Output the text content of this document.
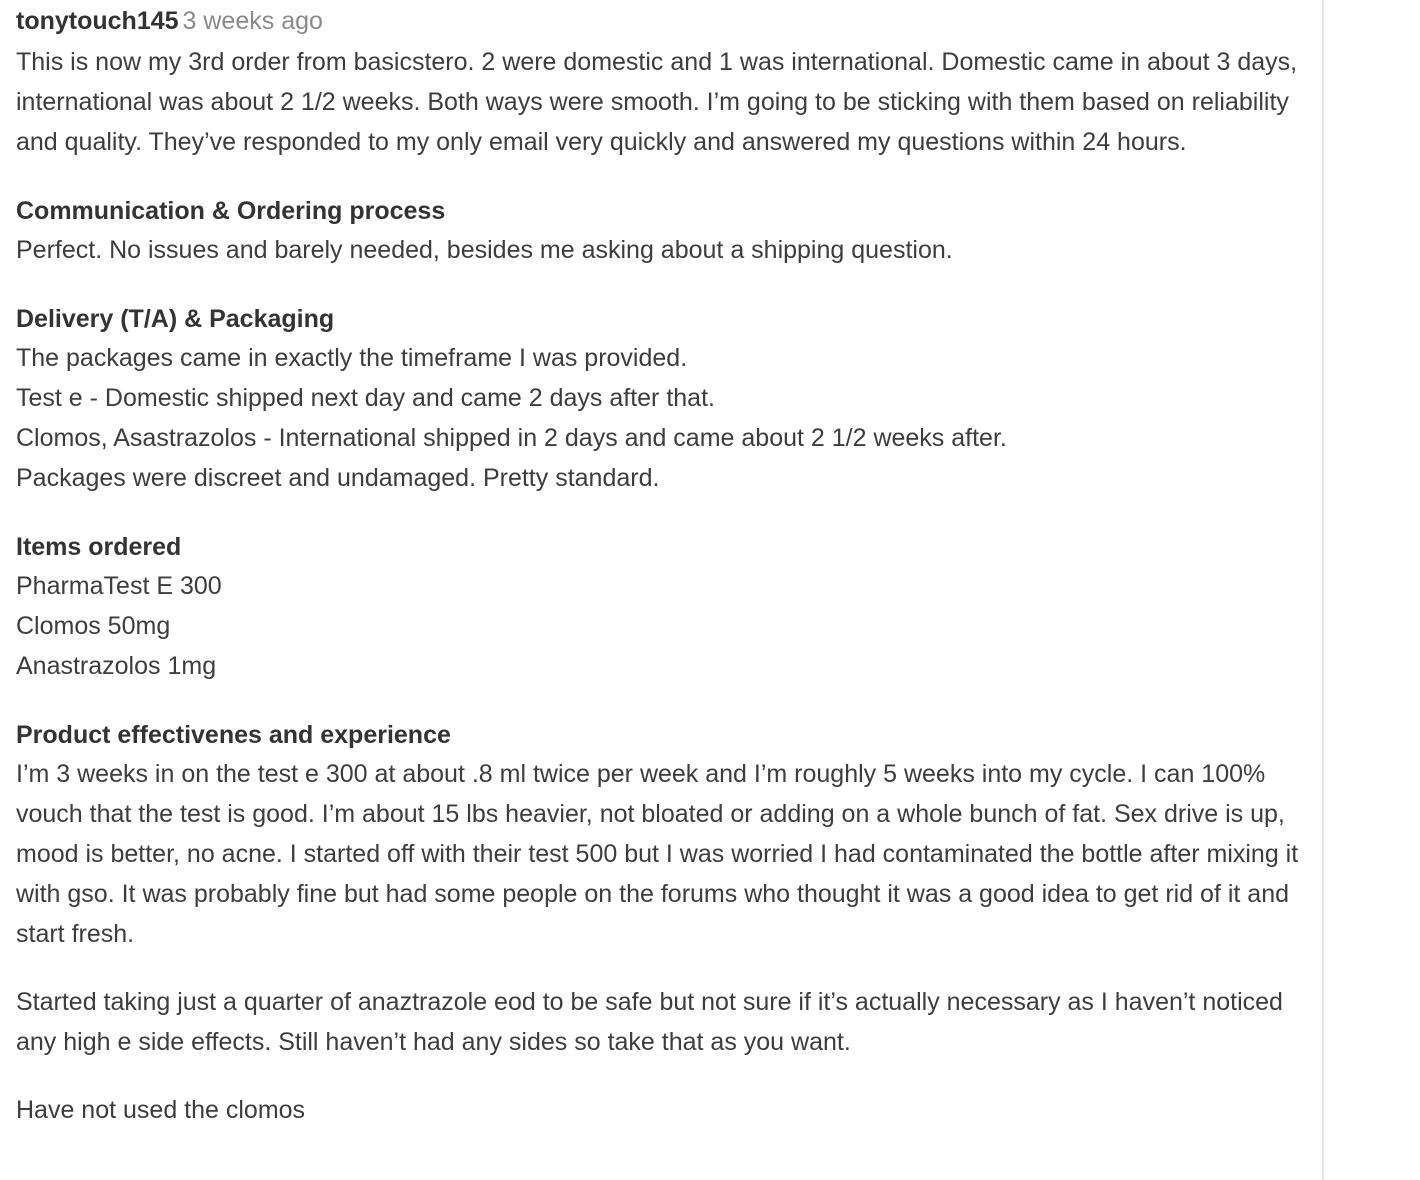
tonytouch145 3 weeks ago

This is now my 3rd order from basicstero. 2 were domestic and 1 was international. Domestic came in about 3 days, international was about 2 1/2 weeks. Both ways were smooth. I’m going to be sticking with them based on reliability and quality. They’ve responded to my only email very quickly and answered my questions within 24 hours.

Communication & Ordering process
Perfect. No issues and barely needed, besides me asking about a shipping question.
Delivery (T/A) & Packaging
The packages came in exactly the timeframe I was provided.
Test e - Domestic shipped next day and came 2 days after that.
Clomos, Asastrazolos - International shipped in 2 days and came about 2 1/2 weeks after.
Packages were discreet and undamaged. Pretty standard.
Items ordered
PharmaTest E 300
Clomos 50mg
Anastrazolos 1mg
Product effectivenes and experience

I’m 3 weeks in on the test e 300 at about .8 ml twice per week and I’m roughly 5 weeks into my cycle. I can 100% vouch that the test is good. I’m about 15 lbs heavier, not bloated or adding on a whole bunch of fat. Sex drive is up, mood is better, no acne. I started off with their test 500 but I was worried I had contaminated the bottle after mixing it with gso. It was probably fine but had some people on the forums who thought it was a good idea to get rid of it and start fresh.

Started taking just a quarter of anaztrazole eod to be safe but not sure if it’s actually necessary as I haven’t noticed any high e side effects. Still haven’t had any sides so take that as you want.

Have not used the clomos
